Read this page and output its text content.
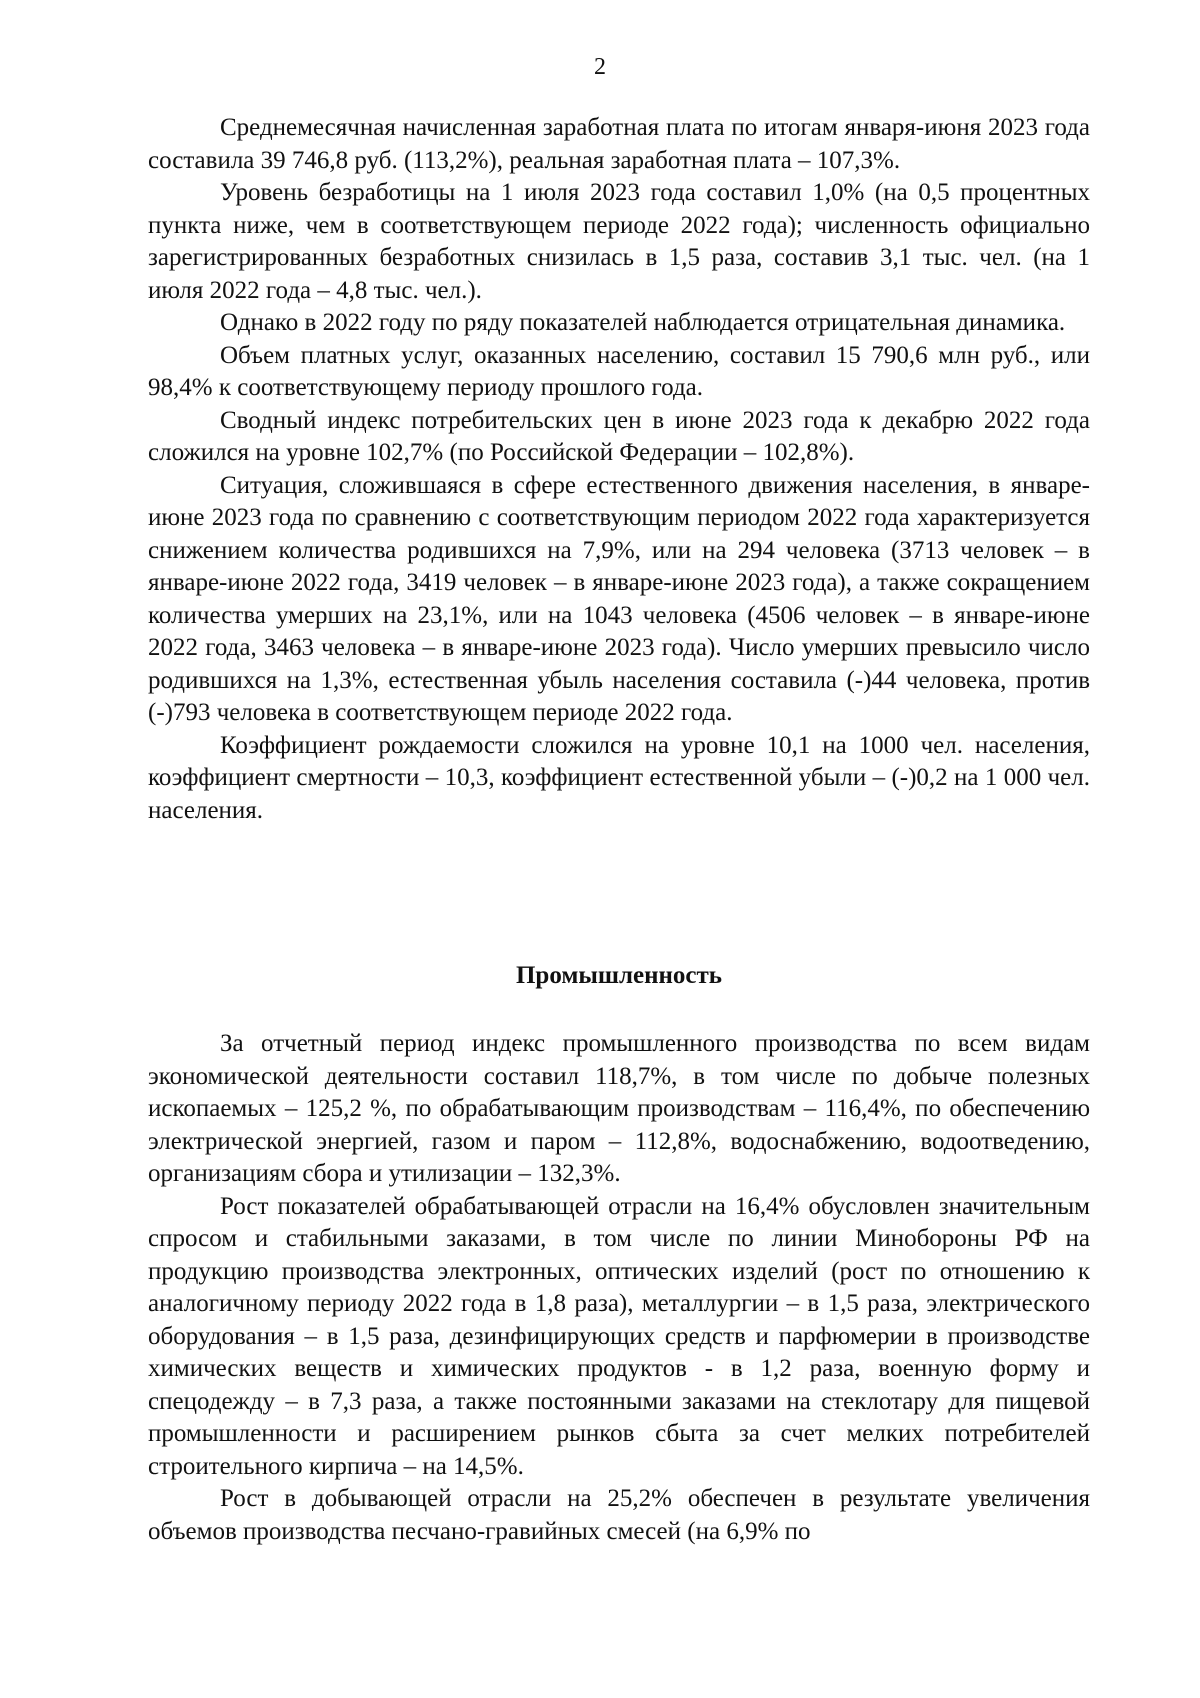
2

Среднемесячная начисленная заработная плата по итогам января-июня 2023 года составила 39 746,8 руб. (113,2%), реальная заработная плата – 107,3%.

Уровень безработицы на 1 июля 2023 года составил 1,0% (на 0,5 процентных пункта ниже, чем в соответствующем периоде 2022 года); численность официально зарегистрированных безработных снизилась в 1,5 раза, составив 3,1 тыс. чел. (на 1 июля 2022 года – 4,8 тыс. чел.).

Однако в 2022 году по ряду показателей наблюдается отрицательная динамика.

Объем платных услуг, оказанных населению, составил 15 790,6 млн руб., или 98,4% к соответствующему периоду прошлого года.

Сводный индекс потребительских цен в июне 2023 года к декабрю 2022 года сложился на уровне 102,7% (по Российской Федерации – 102,8%).

Ситуация, сложившаяся в сфере естественного движения населения, в январе-июне 2023 года по сравнению с соответствующим периодом 2022 года характеризуется снижением количества родившихся на 7,9%, или на 294 человека (3713 человек – в январе-июне 2022 года, 3419 человек – в январе-июне 2023 года), а также сокращением количества умерших на 23,1%, или на 1043 человека (4506 человек – в январе-июне 2022 года, 3463 человека – в январе-июне 2023 года). Число умерших превысило число родившихся на 1,3%, естественная убыль населения составила (-)44 человека, против (-)793 человека в соответствующем периоде 2022 года.

Коэффициент рождаемости сложился на уровне 10,1 на 1000 чел. населения, коэффициент смертности – 10,3, коэффициент естественной убыли – (-)0,2 на 1 000 чел. населения.

Промышленность

За отчетный период индекс промышленного производства по всем видам экономической деятельности составил 118,7%, в том числе по добыче полезных ископаемых – 125,2 %, по обрабатывающим производствам – 116,4%, по обеспечению электрической энергией, газом и паром – 112,8%, водоснабжению, водоотведению, организациям сбора и утилизации – 132,3%.

Рост показателей обрабатывающей отрасли на 16,4% обусловлен значительным спросом и стабильными заказами, в том числе по линии Минобороны РФ на продукцию производства электронных, оптических изделий (рост по отношению к аналогичному периоду 2022 года в 1,8 раза), металлургии – в 1,5 раза, электрического оборудования – в 1,5 раза, дезинфицирующих средств и парфюмерии в производстве химических веществ и химических продуктов - в 1,2 раза, военную форму и спецодежду – в 7,3 раза, а также постоянными заказами на стеклотару для пищевой промышленности и расширением рынков сбыта за счет мелких потребителей строительного кирпича – на 14,5%.

Рост в добывающей отрасли на 25,2% обеспечен в результате увеличения объемов производства песчано-гравийных смесей (на 6,9% по
